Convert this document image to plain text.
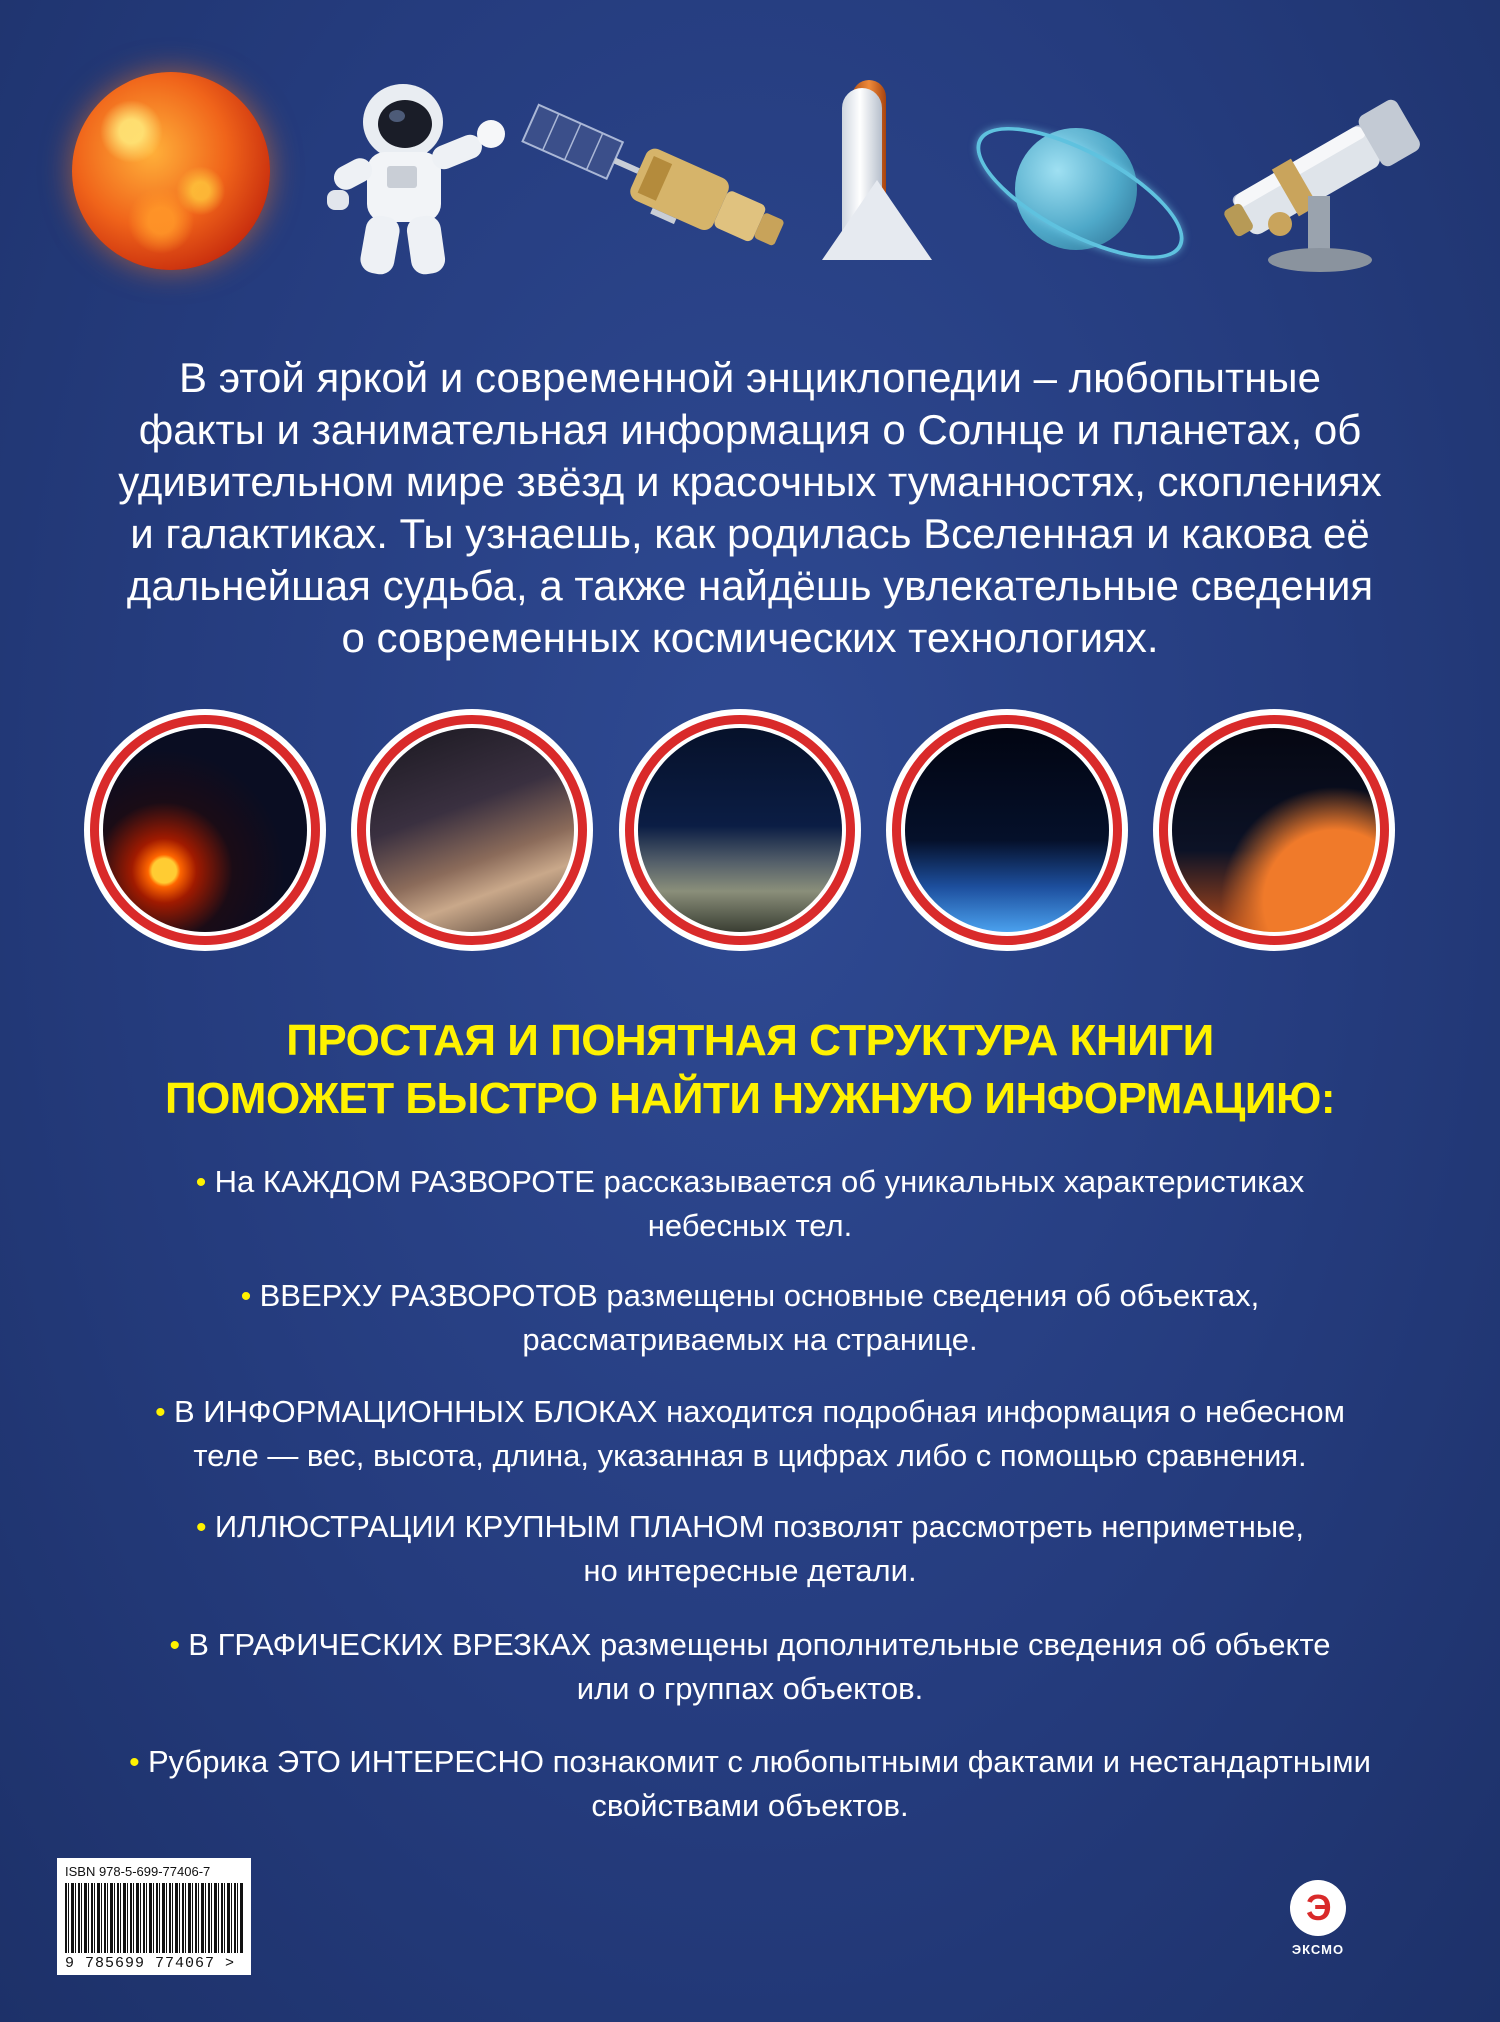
В этой яркой и современной энциклопедии – любопытные
факты и занимательная информация о Солнце и планетах, об
удивительном мире звёзд и красочных туманностях, скоплениях
и галактиках. Ты узнаешь, как родилась Вселенная и какова её
дальнейшая судьба, а также найдёшь увлекательные сведения
о современных космических технологиях.
ПРОСТАЯ И ПОНЯТНАЯ СТРУКТУРА КНИГИ
ПОМОЖЕТ БЫСТРО НАЙТИ НУЖНУЮ ИНФОРМАЦИЮ:
• На КАЖДОМ РАЗВОРОТЕ рассказывается об уникальных характеристиках
небесных тел.
• ВВЕРХУ РАЗВОРОТОВ размещены основные сведения об объектах,
рассматриваемых на странице.
• В ИНФОРМАЦИОННЫХ БЛОКАХ находится подробная информация о небесном
теле — вес, высота, длина, указанная в цифрах либо с помощью сравнения.
• ИЛЛЮСТРАЦИИ КРУПНЫМ ПЛАНОМ позволят рассмотреть неприметные,
но интересные детали.
• В ГРАФИЧЕСКИХ ВРЕЗКАХ размещены дополнительные сведения об объекте
или о группах объектов.
• Рубрика ЭТО ИНТЕРЕСНО познакомит с любопытными фактами и нестандартными
свойствами объектов.
ISBN 978-5-699-77406-7
9 785699 774067 >
Э
ЭКСМО
